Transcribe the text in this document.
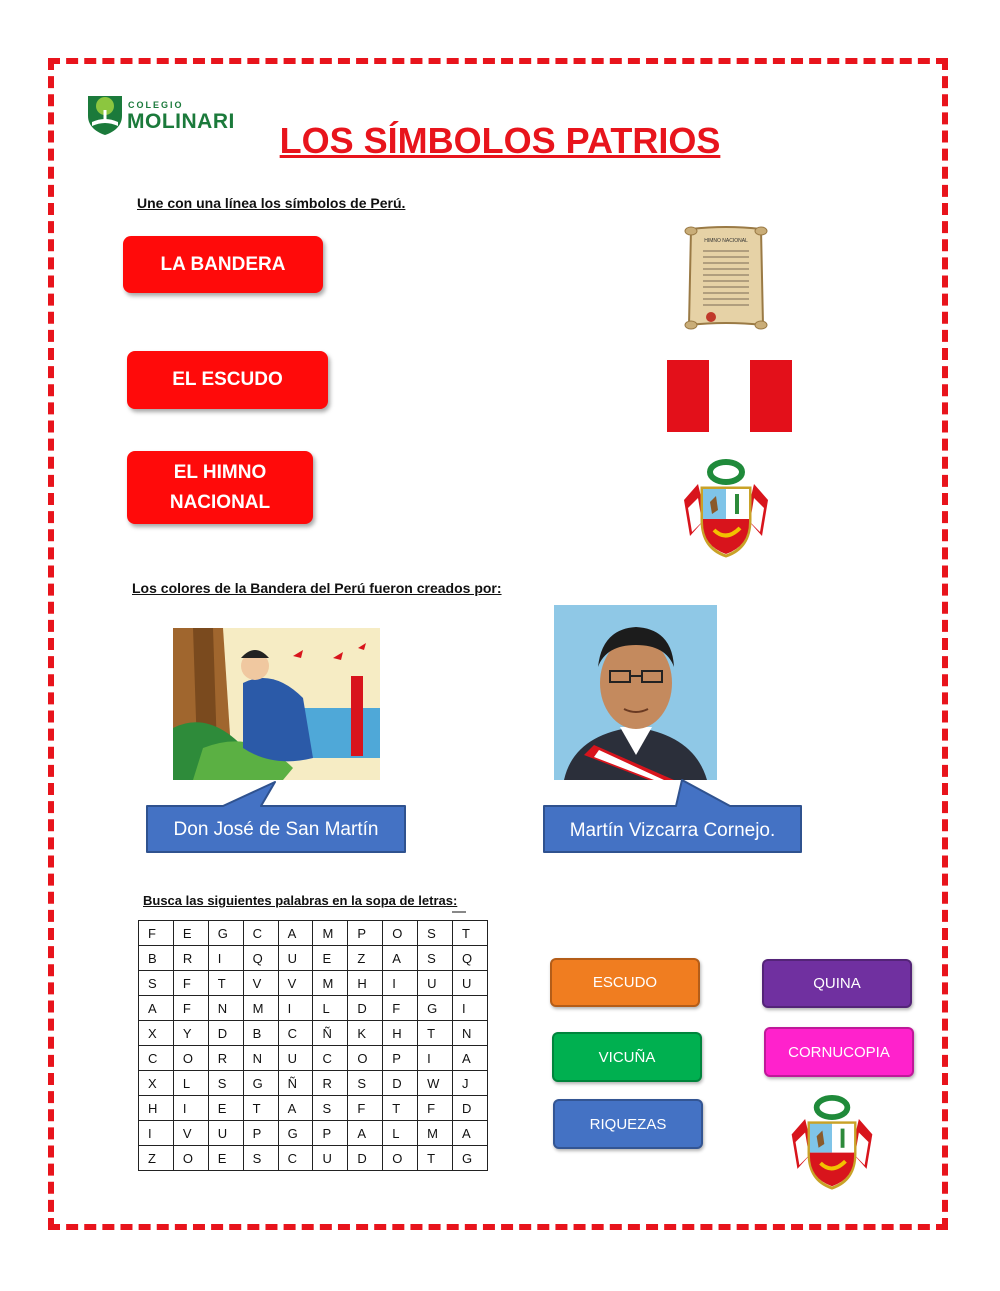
COLEGIO
MOLINARI	LOS SÍMBOLOS PATRIOS
Une con una línea los símbolos de Perú.
LA BANDERA
EL ESCUDO
EL HIMNO
NACIONAL
HIMNO NACIONAL
Los colores de la Bandera del Perú fueron creados por:
Don José de San Martín	Martín Vizcarra Cornejo.
Busca las siguientes palabras en la sopa de letras:
F	E	G	C	A	M	P	O	S	T
B	R	I	Q	U	E	Z	A	S	Q
S	F	T	V	V	M	H	I	U	U
A	F	N	M	I	L	D	F	G	I
X	Y	D	B	C	Ñ	K	H	T	N
C	O	R	N	U	C	O	P	I	A
X	L	S	G	Ñ	R	S	D	W	J
H	I	E	T	A	S	F	T	F	D
I	V	U	P	G	P	A	L	M	A
Z	O	E	S	C	U	D	O	T	G
ESCUDO	QUINA
VICUÑA	CORNUCOPIA
RIQUEZAS
